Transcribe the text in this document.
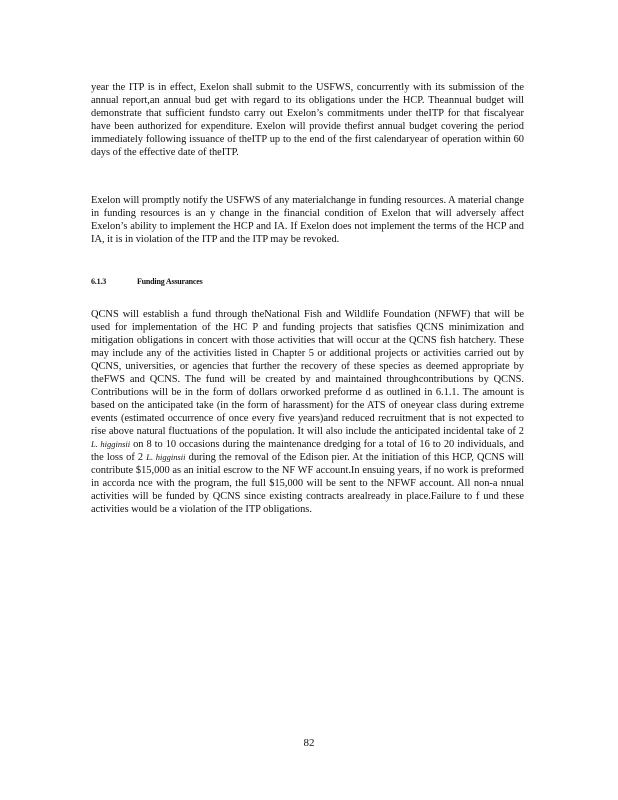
year the ITP is in effect, Exelon shall submit to the USFWS, concurrently with its submission of the annual report,an annual bud get with regard to its obligations under the HCP. Theannual budget will demonstrate that sufficient fundsto carry out Exelon’s commitments under theITP for that fiscalyear have been authorized for expenditure. Exelon will provide thefirst annual budget covering the period immediately following issuance of theITP up to the end of the first calendaryear of operation within 60 days of the effective date of theITP.

Exelon will promptly notify the USFWS of any materialchange in funding resources. A material change in funding resources is an y change in the financial condition of Exelon that will adversely affect Exelon’s ability to implement the HCP and IA. If Exelon does not implement the terms of the HCP and IA, it is in violation of the ITP and the ITP may be revoked.

6.1.3	Funding Assurances

QCNS will establish a fund through theNational Fish and Wildlife Foundation (NFWF) that will be used for implementation of the HC P and funding projects that satisfies QCNS minimization and mitigation obligations in concert with those activities that will occur at the QCNS fish hatchery. These may include any of the activities listed in Chapter 5 or additional projects or activities carried out by QCNS, universities, or agencies that further the recovery of these species as deemed appropriate by theFWS and QCNS. The fund will be created by and maintained throughcontributions by QCNS. Contributions will be in the form of dollars orworked preforme d as outlined in 6.1.1. The amount is based on the anticipated take (in the form of harassment) for the ATS of oneyear class during extreme events (estimated occurrence of once every five years)and reduced recruitment that is not expected to rise above natural fluctuations of the population. It will also include the anticipated incidental take of 2 L. higginsii on 8 to 10 occasions during the maintenance dredging for a total of 16 to 20 individuals, and the loss of 2 L. higginsii during the removal of the Edison pier. At the initiation of this HCP, QCNS will contribute $15,000 as an initial escrow to the NF WF account.In ensuing years, if no work is preformed in accorda nce with the program, the full $15,000 will be sent to the NFWF account. All non-a nnual activities will be funded by QCNS since existing contracts arealready in place.Failure to f und these activities would be a violation of the ITP obligations.

82
